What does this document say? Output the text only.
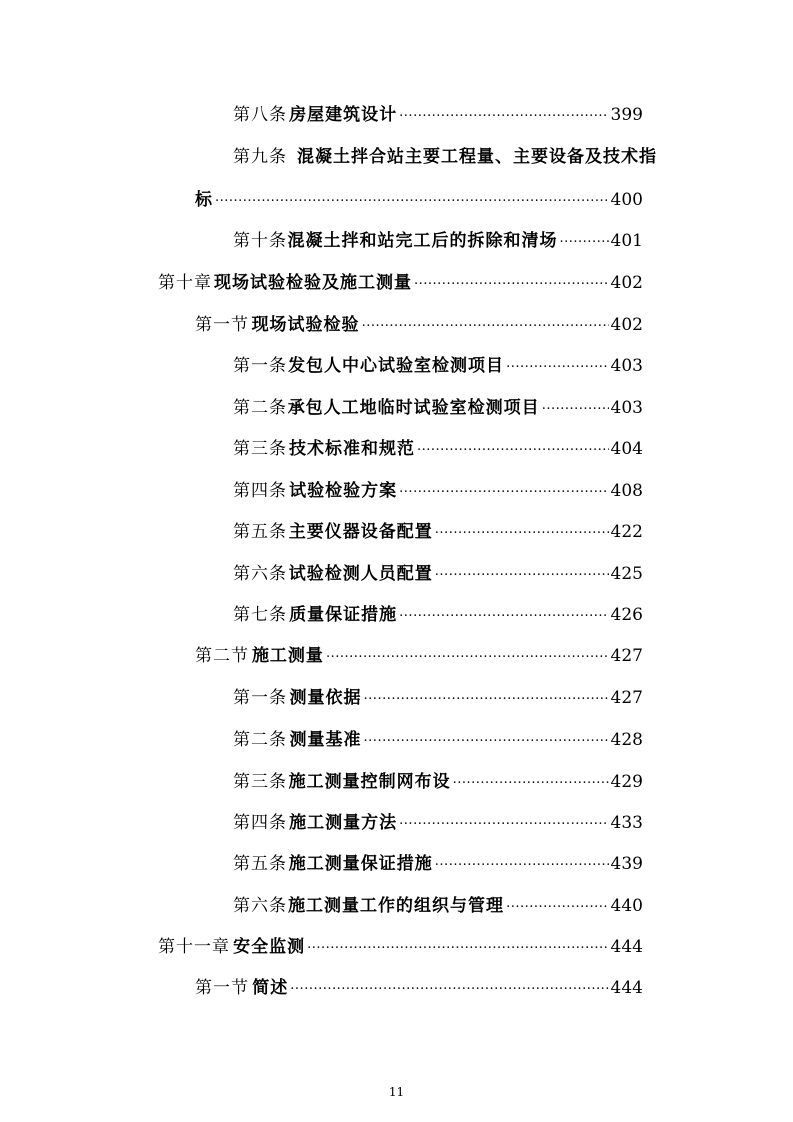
第八条 房屋建筑设计 .....	399
第九条 混凝土拌合站主要工程量、主要设备及技术指
标 .....	400
第十条 混凝土拌和站完工后的拆除和清场 .....	401
第十章 现场试验检验及施工测量 .....	402
第一节 现场试验检验 .....	402
第一条 发包人中心试验室检测项目 .....	403
第二条 承包人工地临时试验室检测项目 .....	403
第三条 技术标准和规范 .....	404
第四条 试验检验方案 .....	408
第五条 主要仪器设备配置 .....	422
第六条 试验检测人员配置 .....	425
第七条 质量保证措施 .....	426
第二节 施工测量 .....	427
第一条 测量依据 .....	427
第二条 测量基准 .....	428
第三条 施工测量控制网布设 .....	429
第四条 施工测量方法 .....	433
第五条 施工测量保证措施 .....	439
第六条 施工测量工作的组织与管理 .....	440
第十一章 安全监测 .....	444
第一节 简述 .....	444
11
